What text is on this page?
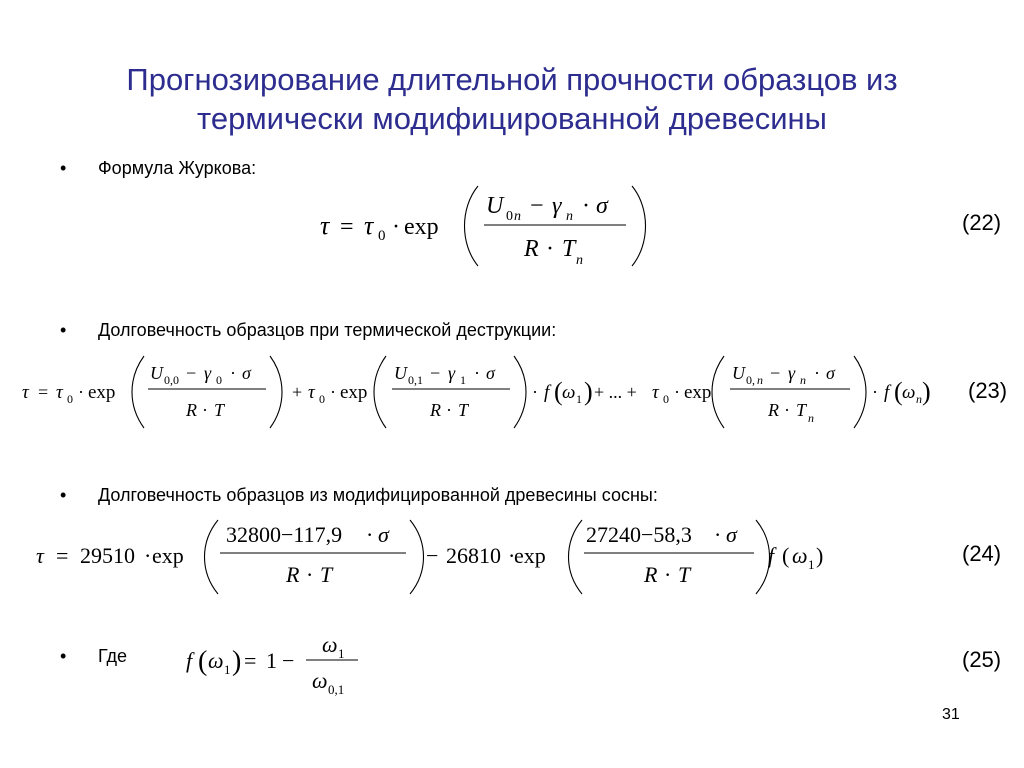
Прогнозирование длительной прочности образцов из
термически модифицированной древесины
• Формула Журкова:
• Долговечность образцов при термической деструкции:
• Долговечность образцов из модифицированной древесины сосны:
• Где
(22)
(23)
(24)
(25)
τ = τ 0 · exp
U 0 n − γ n · σ
R · T n
τ = τ 0 · exp
U 0,0 − γ 0 · σ
R · T
+ τ 0 · exp
U 0,1 − γ 1 · σ
R · T
· f ( ω 1 ) + ... + τ 0 · exp
U 0, n − γ n · σ
R · T n
· f ( ω n )
τ = 29510 · exp
32800−117,9 · σ
R · T
− 26810 ·
exp
27240−58,3 · σ
R · T
f ( ω 1 )
f ( ω 1 ) = 1 −
ω 1
ω 0,1
31
